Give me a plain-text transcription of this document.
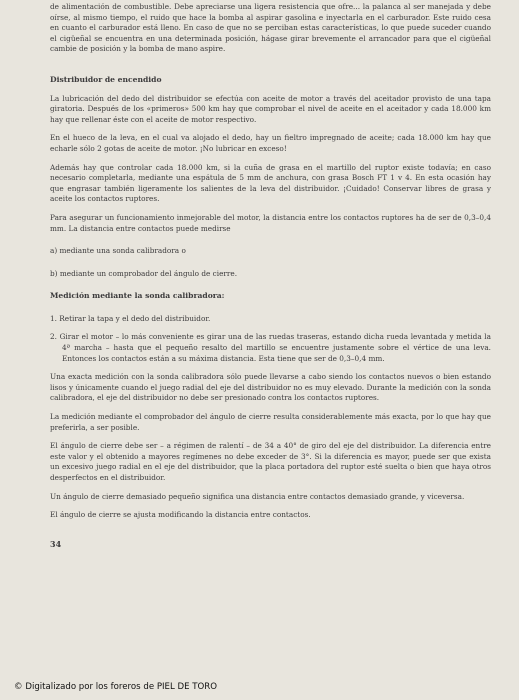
de alimentación de combustible. Debe apreciarse una ligera resistencia que ofre... la palanca al ser manejada y debe oírse, al mismo tiempo, el ruido que hace la bomba al aspirar gasolina e inyectarla en el carburador. Este ruido cesa en cuanto el carburador está lleno. En caso de que no se perciban estas características, lo que puede suceder cuando el cigüeñal se encuentra en una determinada posición, hágase girar brevemente el arrancador para que el cigüeñal cambie de posición y la bomba de mano aspire.

Distribuidor de encendido

La lubricación del dedo del distribuidor se efectúa con aceite de motor a través del aceitador provisto de una tapa giratoria. Después de los «primeros» 500 km hay que comprobar el nivel de aceite en el aceitador y cada 18.000 km hay que rellenar éste con el aceite de motor respectivo.

En el hueco de la leva, en el cual va alojado el dedo, hay un fieltro impregnado de aceite; cada 18.000 km hay que echarle sólo 2 gotas de aceite de motor. ¡No lubricar en exceso!

Además hay que controlar cada 18.000 km, si la cuña de grasa en el martillo del ruptor existe todavía; en caso necesario completarla, mediante una espátula de 5 mm de anchura, con grasa Bosch FT 1 v 4. En esta ocasión hay que engrasar también ligeramente los salientes de la leva del distribuidor. ¡Cuidado! Conservar libres de grasa y aceite los contactos ruptores.

Para asegurar un funcionamiento inmejorable del motor, la distancia entre los contactos ruptores ha de ser de 0,3–0,4 mm. La distancia entre contactos puede medirse

a) mediante una sonda calibradora o

b) mediante un comprobador del ángulo de cierre.

Medición mediante la sonda calibradora:

1. Retirar la tapa y el dedo del distribuidor.

2. Girar el motor – lo más conveniente es girar una de las ruedas traseras, estando dicha rueda levantada y metida la 4ª marcha – hasta que el pequeño resalto del martillo se encuentre justamente sobre el vértice de una leva. Entonces los contactos están a su máxima distancia. Esta tiene que ser de 0,3–0,4 mm.

Una exacta medición con la sonda calibradora sólo puede llevarse a cabo siendo los contactos nuevos o bien estando lisos y únicamente cuando el juego radial del eje del distribuidor no es muy elevado. Durante la medición con la sonda calibradora, el eje del distribuidor no debe ser presionado contra los contactos ruptores.

La medición mediante el comprobador del ángulo de cierre resulta considerablemente más exacta, por lo que hay que preferirla, a ser posible.

El ángulo de cierre debe ser – a régimen de ralentí – de 34 a 40° de giro del eje del distribuidor. La diferencia entre este valor y el obtenido a mayores regímenes no debe exceder de 3°. Si la diferencia es mayor, puede ser que exista un excesivo juego radial en el eje del distribuidor, que la placa portadora del ruptor esté suelta o bien que haya otros desperfectos en el distribuidor.

Un ángulo de cierre demasiado pequeño significa una distancia entre contactos demasiado grande, y viceversa.

El ángulo de cierre se ajusta modificando la distancia entre contactos.

34
© Digitalizado por los foreros de PIEL DE TORO
